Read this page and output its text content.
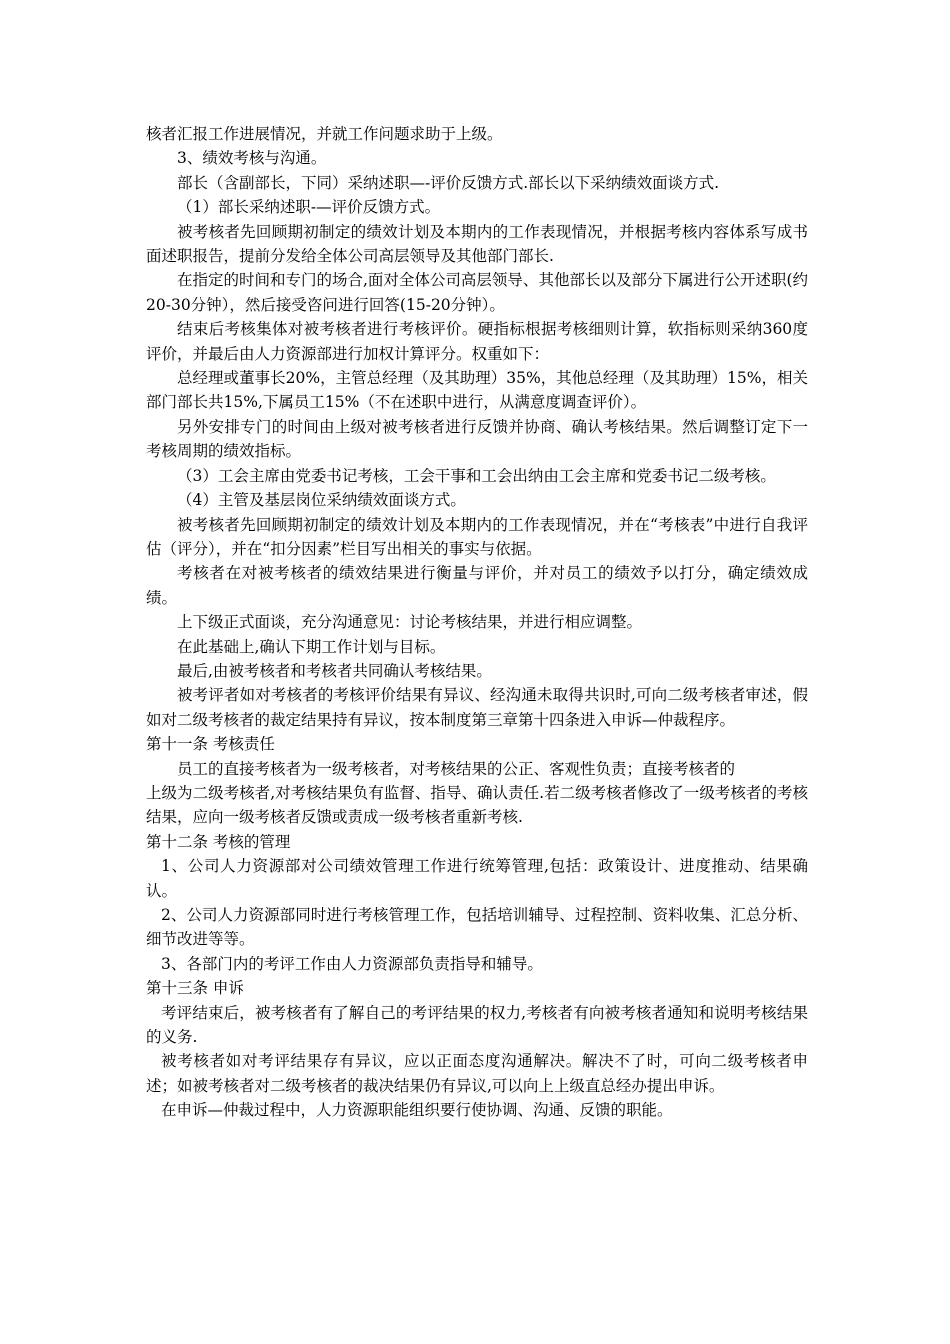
核者汇报工作进展情况，并就工作问题求助于上级。

3、绩效考核与沟通。

部长（含副部长，下同）采纳述职—-评价反馈方式.部长以下采纳绩效面谈方式.

（1）部长采纳述职-—评价反馈方式。

被考核者先回顾期初制定的绩效计划及本期内的工作表现情况，并根据考核内容体系写成书面述职报告，提前分发给全体公司高层领导及其他部门部长.

在指定的时间和专门的场合,面对全体公司高层领导、其他部长以及部分下属进行公开述职(约20-30分钟），然后接受咨问进行回答(15-20分钟）。

结束后考核集体对被考核者进行考核评价。硬指标根据考核细则计算，软指标则采纳360度评价，并最后由人力资源部进行加权计算评分。权重如下：

总经理或董事长20%，主管总经理（及其助理）35%，其他总经理（及其助理）15%，相关部门部长共15%,下属员工15%（不在述职中进行，从满意度调查评价）。

另外安排专门的时间由上级对被考核者进行反馈并协商、确认考核结果。然后调整订定下一考核周期的绩效指标。

（3）工会主席由党委书记考核，工会干事和工会出纳由工会主席和党委书记二级考核。

（4）主管及基层岗位采纳绩效面谈方式。

被考核者先回顾期初制定的绩效计划及本期内的工作表现情况，并在“考核表”中进行自我评估（评分），并在“扣分因素”栏目写出相关的事实与依据。

考核者在对被考核者的绩效结果进行衡量与评价，并对员工的绩效予以打分，确定绩效成绩。

上下级正式面谈，充分沟通意见：讨论考核结果，并进行相应调整。

在此基础上,确认下期工作计划与目标。

最后,由被考核者和考核者共同确认考核结果。

被考评者如对考核者的考核评价结果有异议、经沟通未取得共识时,可向二级考核者审述，假如对二级考核者的裁定结果持有异议，按本制度第三章第十四条进入申诉—仲裁程序。

第十一条 考核责任

员工的直接考核者为一级考核者，对考核结果的公正、客观性负责；直接考核者的

上级为二级考核者,对考核结果负有监督、指导、确认责任.若二级考核者修改了一级考核者的考核结果，应向一级考核者反馈或责成一级考核者重新考核.

第十二条 考核的管理

1、公司人力资源部对公司绩效管理工作进行统筹管理,包括：政策设计、进度推动、结果确认。

2、公司人力资源部同时进行考核管理工作，包括培训辅导、过程控制、资料收集、汇总分析、细节改进等等。

3、各部门内的考评工作由人力资源部负责指导和辅导。

第十三条 申诉

考评结束后，被考核者有了解自己的考评结果的权力,考核者有向被考核者通知和说明考核结果的义务.

被考核者如对考评结果存有异议，应以正面态度沟通解决。解决不了时，可向二级考核者申述；如被考核者对二级考核者的裁决结果仍有异议,可以向上上级直总经办提出申诉。

在申诉—仲裁过程中，人力资源职能组织要行使协调、沟通、反馈的职能。
